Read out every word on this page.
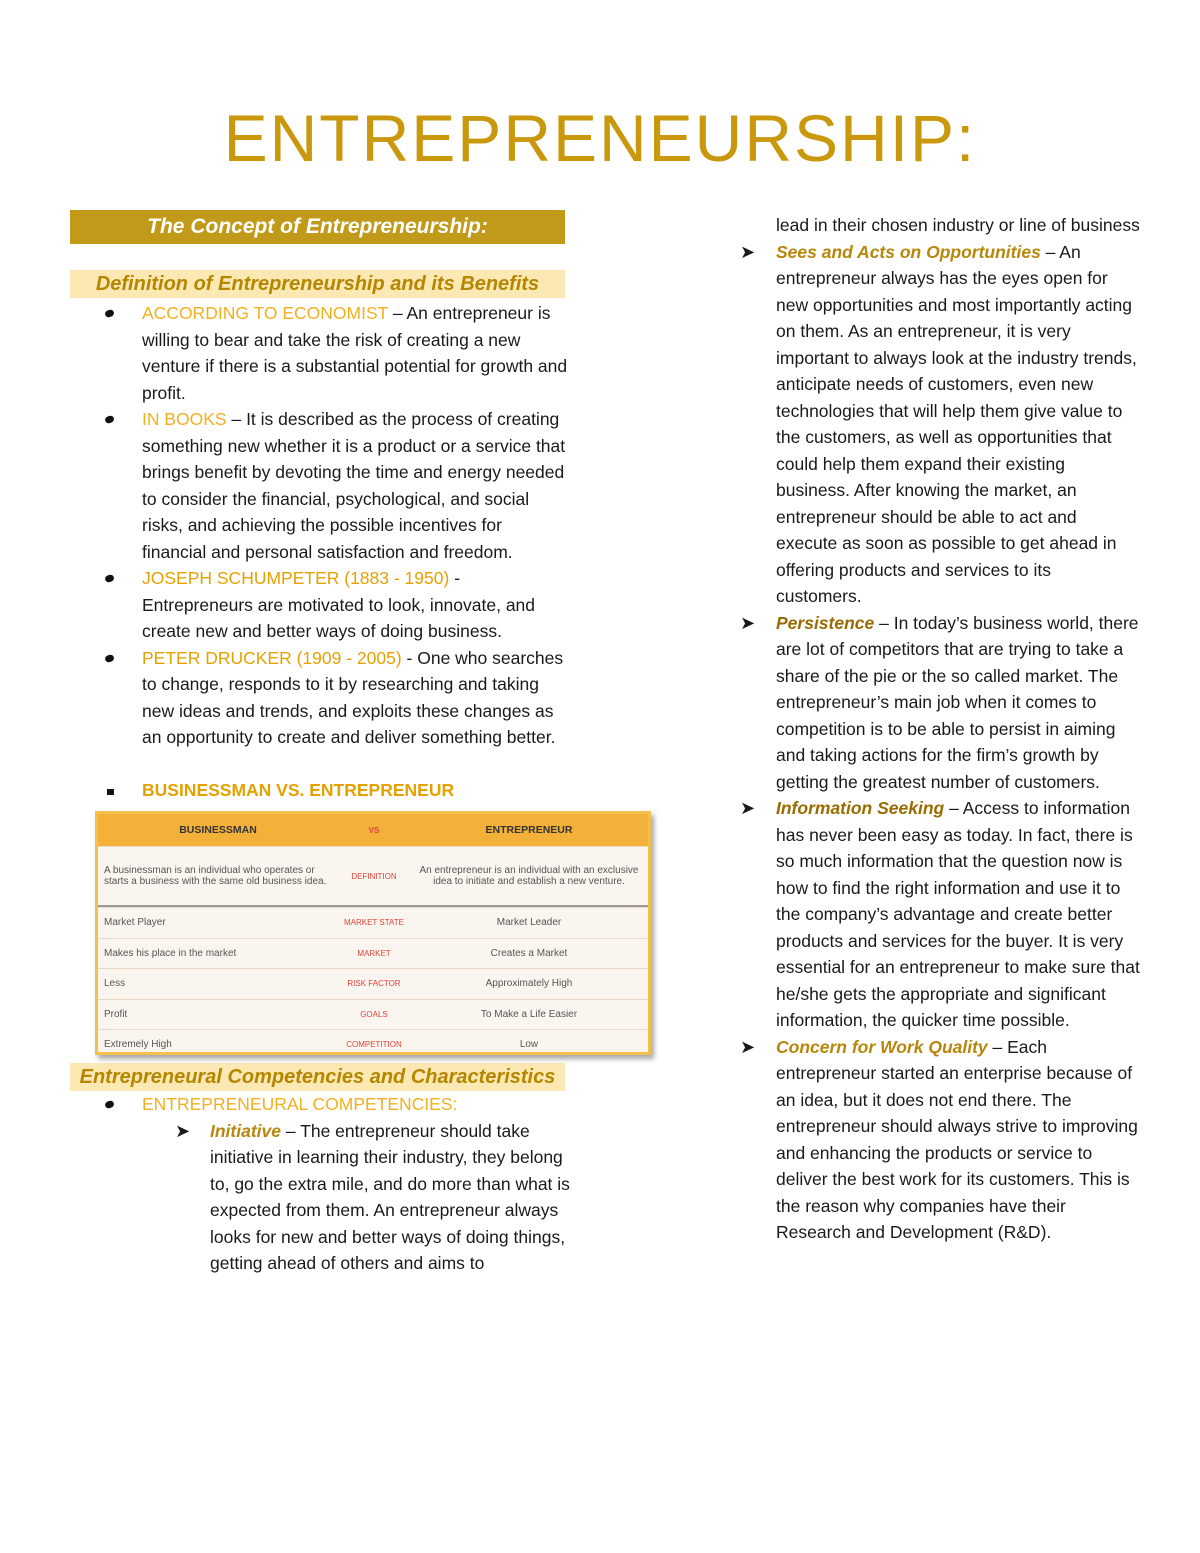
ENTREPRENEURSHIP:
The Concept of Entrepreneurship:
Definition of Entrepreneurship and its Benefits
ACCORDING TO ECONOMIST – An entrepreneur is willing to bear and take the risk of creating a new venture if there is a substantial potential for growth and profit.
IN BOOKS – It is described as the process of creating something new whether it is a product or a service that brings benefit by devoting the time and energy needed to consider the financial, psychological, and social risks, and achieving the possible incentives for financial and personal satisfaction and freedom.
JOSEPH SCHUMPETER (1883 - 1950) - Entrepreneurs are motivated to look, innovate, and create new and better ways of doing business.
PETER DRUCKER (1909 - 2005) - One who searches to change, responds to it by researching and taking new ideas and trends, and exploits these changes as an opportunity to create and deliver something better.
BUSINESSMAN VS. ENTREPRENEUR
BUSINESSMAN	VS	ENTREPRENEUR
A businessman is an individual who operates or starts a business with the same old business idea.	DEFINITION	An entrepreneur is an individual with an exclusive idea to initiate and establish a new venture.
Market Player	MARKET STATE	Market Leader
Makes his place in the market	MARKET	Creates a Market
Less	RISK FACTOR	Approximately High
Profit	GOALS	To Make a Life Easier
Extremely High	COMPETITION	Low
Entrepreneural Competencies and Characteristics
ENTREPRENEURAL COMPETENCIES:
➤ Initiative – The entrepreneur should take initiative in learning their industry, they belong to, go the extra mile, and do more than what is expected from them. An entrepreneur always looks for new and better ways of doing things, getting ahead of others and aims to
lead in their chosen industry or line of business
➤ Sees and Acts on Opportunities – An entrepreneur always has the eyes open for new opportunities and most importantly acting on them. As an entrepreneur, it is very important to always look at the industry trends, anticipate needs of customers, even new technologies that will help them give value to the customers, as well as opportunities that could help them expand their existing business. After knowing the market, an entrepreneur should be able to act and execute as soon as possible to get ahead in offering products and services to its customers.
➤ Persistence – In today’s business world, there are lot of competitors that are trying to take a share of the pie or the so called market. The entrepreneur’s main job when it comes to competition is to be able to persist in aiming and taking actions for the firm’s growth by getting the greatest number of customers.
➤ Information Seeking – Access to information has never been easy as today. In fact, there is so much information that the question now is how to find the right information and use it to the company’s advantage and create better products and services for the buyer. It is very essential for an entrepreneur to make sure that he/she gets the appropriate and significant information, the quicker time possible.
➤ Concern for Work Quality – Each entrepreneur started an enterprise because of an idea, but it does not end there. The entrepreneur should always strive to improving and enhancing the products or service to deliver the best work for its customers. This is the reason why companies have their Research and Development (R&D).
